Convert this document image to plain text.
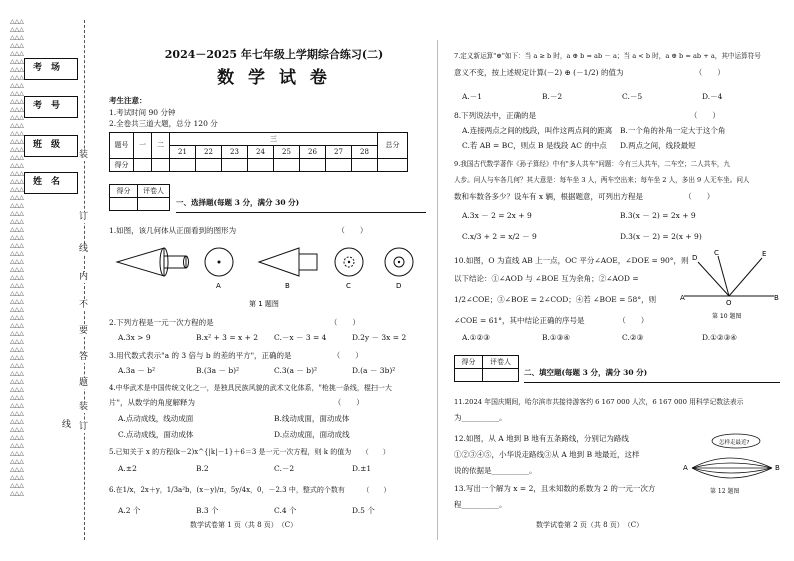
△△△△△△△△△△△△△△△△△△△△△△△△△△△△△△△△△△△△△△△△△△△△△△△△△△△△△△△△△△△△△△△△△△△△△△△△△△△△△△△△△△△△△△△△△△△△△△△△△△△△△△△△△△△△△△△△△△△△△△△△△△△△△△△△△△△△△△△△△△△△△△△△△△△△△△△△△△△△△△△△△△△△△△△△△△△△△△△△△△△△
考　场
考　号
班　级
姓　名
装
订
线
内
不
要
答
题
装
订
线
2024－2025 年七年级上学期综合练习(二)
数 学 试 卷
考生注意：
1.考试时间 90 分钟
2.全卷共三道大题，总分 120 分
题号	一	二	三								总分
			21	22	23	24	25	26	27	28	
得分											
得分	评卷人

一、选择题(每题 3 分，满分 30 分)
1.如图，该几何体从正面看到的图形为　　　　　　　　　　　　　　（　　）
A	B	C	D
第 1 题图
2.下列方程是一元一次方程的是　　　　　　　　　　　　　　　　（　　）
A.3x > 9	B.x² + 3 = x + 2 C.－x － 3 = 4	D.2y － 3x = 2
3.用代数式表示"a 的 3 倍与 b 的差的平方"，正确的是　　　　　　（　　）
A.3a － b²	B.(3a － b)²	C.3(a － b)²	D.(a － 3b)²
4.中华武术是中国传统文化之一，是独具民族风貌的武术文化体系，"枪挑一条线，棍扫一大
片"，从数学的角度解释为　　　　　　　　　　　　　　　　　　　（　　）
A.点动成线，线动成面	B.线动成面，面动成体
C.点动成线，面动成体	D.点动成面，面动成线
5.已知关于 x 的方程(k－2)x^{|k|－1}＋6＝3 是一元一次方程，则 k 的值为　　（　　）
A.±2	B.2	C.－2	D.±1
6.在1/x，2x＋y，1/3a²b，(x－y)/π，5y/4x，0，－2.3 中，整式的个数有　　　（　　）
A.2 个	B.3 个	C.4 个	D.5 个
数学试卷第 1 页（共 8 页）　（C）
7.定义新运算"⊕"如下：当 a ≥ b 时，a ⊕ b = ab － a；当 a < b 时，a ⊕ b = ab + a，其中运算符号
意义不变，按上述规定计算(－2) ⊕ (－1/2) 的值为　　　　　　　　　　（　　）
A.－1	B.－2	C.－5	D.－4
8.下列说法中，正确的是　　　　　　　　　　　　　　　　　　　　　（　　）
A.连接两点之间的线段，叫作这两点间的距离 B.一个角的补角一定大于这个角
C.若 AB = BC，则点 B 是线段 AC 的中点 D.两点之间，线段最短
9.我国古代数学著作《孙子算经》中有"多人共车"问题：今有三人共车，二车空；二人共车，九
人步。问人与车各几何？其大意是：每车坐 3 人，两车空出来；每车坐 2 人，多出 9 人无车坐。问人
数和车数各多少？设车有 x 辆，根据题意，可列出方程是　　　　　　（　　）
A.3x － 2 = 2x + 9	B.3(x － 2) = 2x + 9
C.x/3 + 2 = x/2 － 9	D.3(x － 2) = 2(x + 9)
10.如图，O 为直线 AB 上一点，OC 平分∠AOE，∠DOE = 90°，则
以下结论：①∠AOD 与 ∠BOE 互为余角；②∠AOD =
1/2∠COE；③∠BOE = 2∠COD；④若 ∠BOE = 58°，则
∠COE = 61°，其中结论正确的序号是　　　　　（　　）
A.①②③	B.①③④	C.②③	D.①②③④
D
C	E
A
O
B
第 10 题图
得分	评卷人

二、填空题(每题 3 分，满分 30 分)
11.2024 年国庆期间，哈尔滨市共接待游客约 6 167 000 人次，6 167 000 用科学记数法表示
为__________。
12.如图，从 A 地到 B 地有五条路线，分别记为路线
①②③④⑤，小华说走路线③从 A 地到 B 地最近，这样
说的依据是__________。
怎样走最近?
A	B
第 12 题图
13.写出一个解为 x = 2，且未知数的系数为 2 的一元一次方
程__________。
数学试卷第 2 页（共 8 页）　（C）
